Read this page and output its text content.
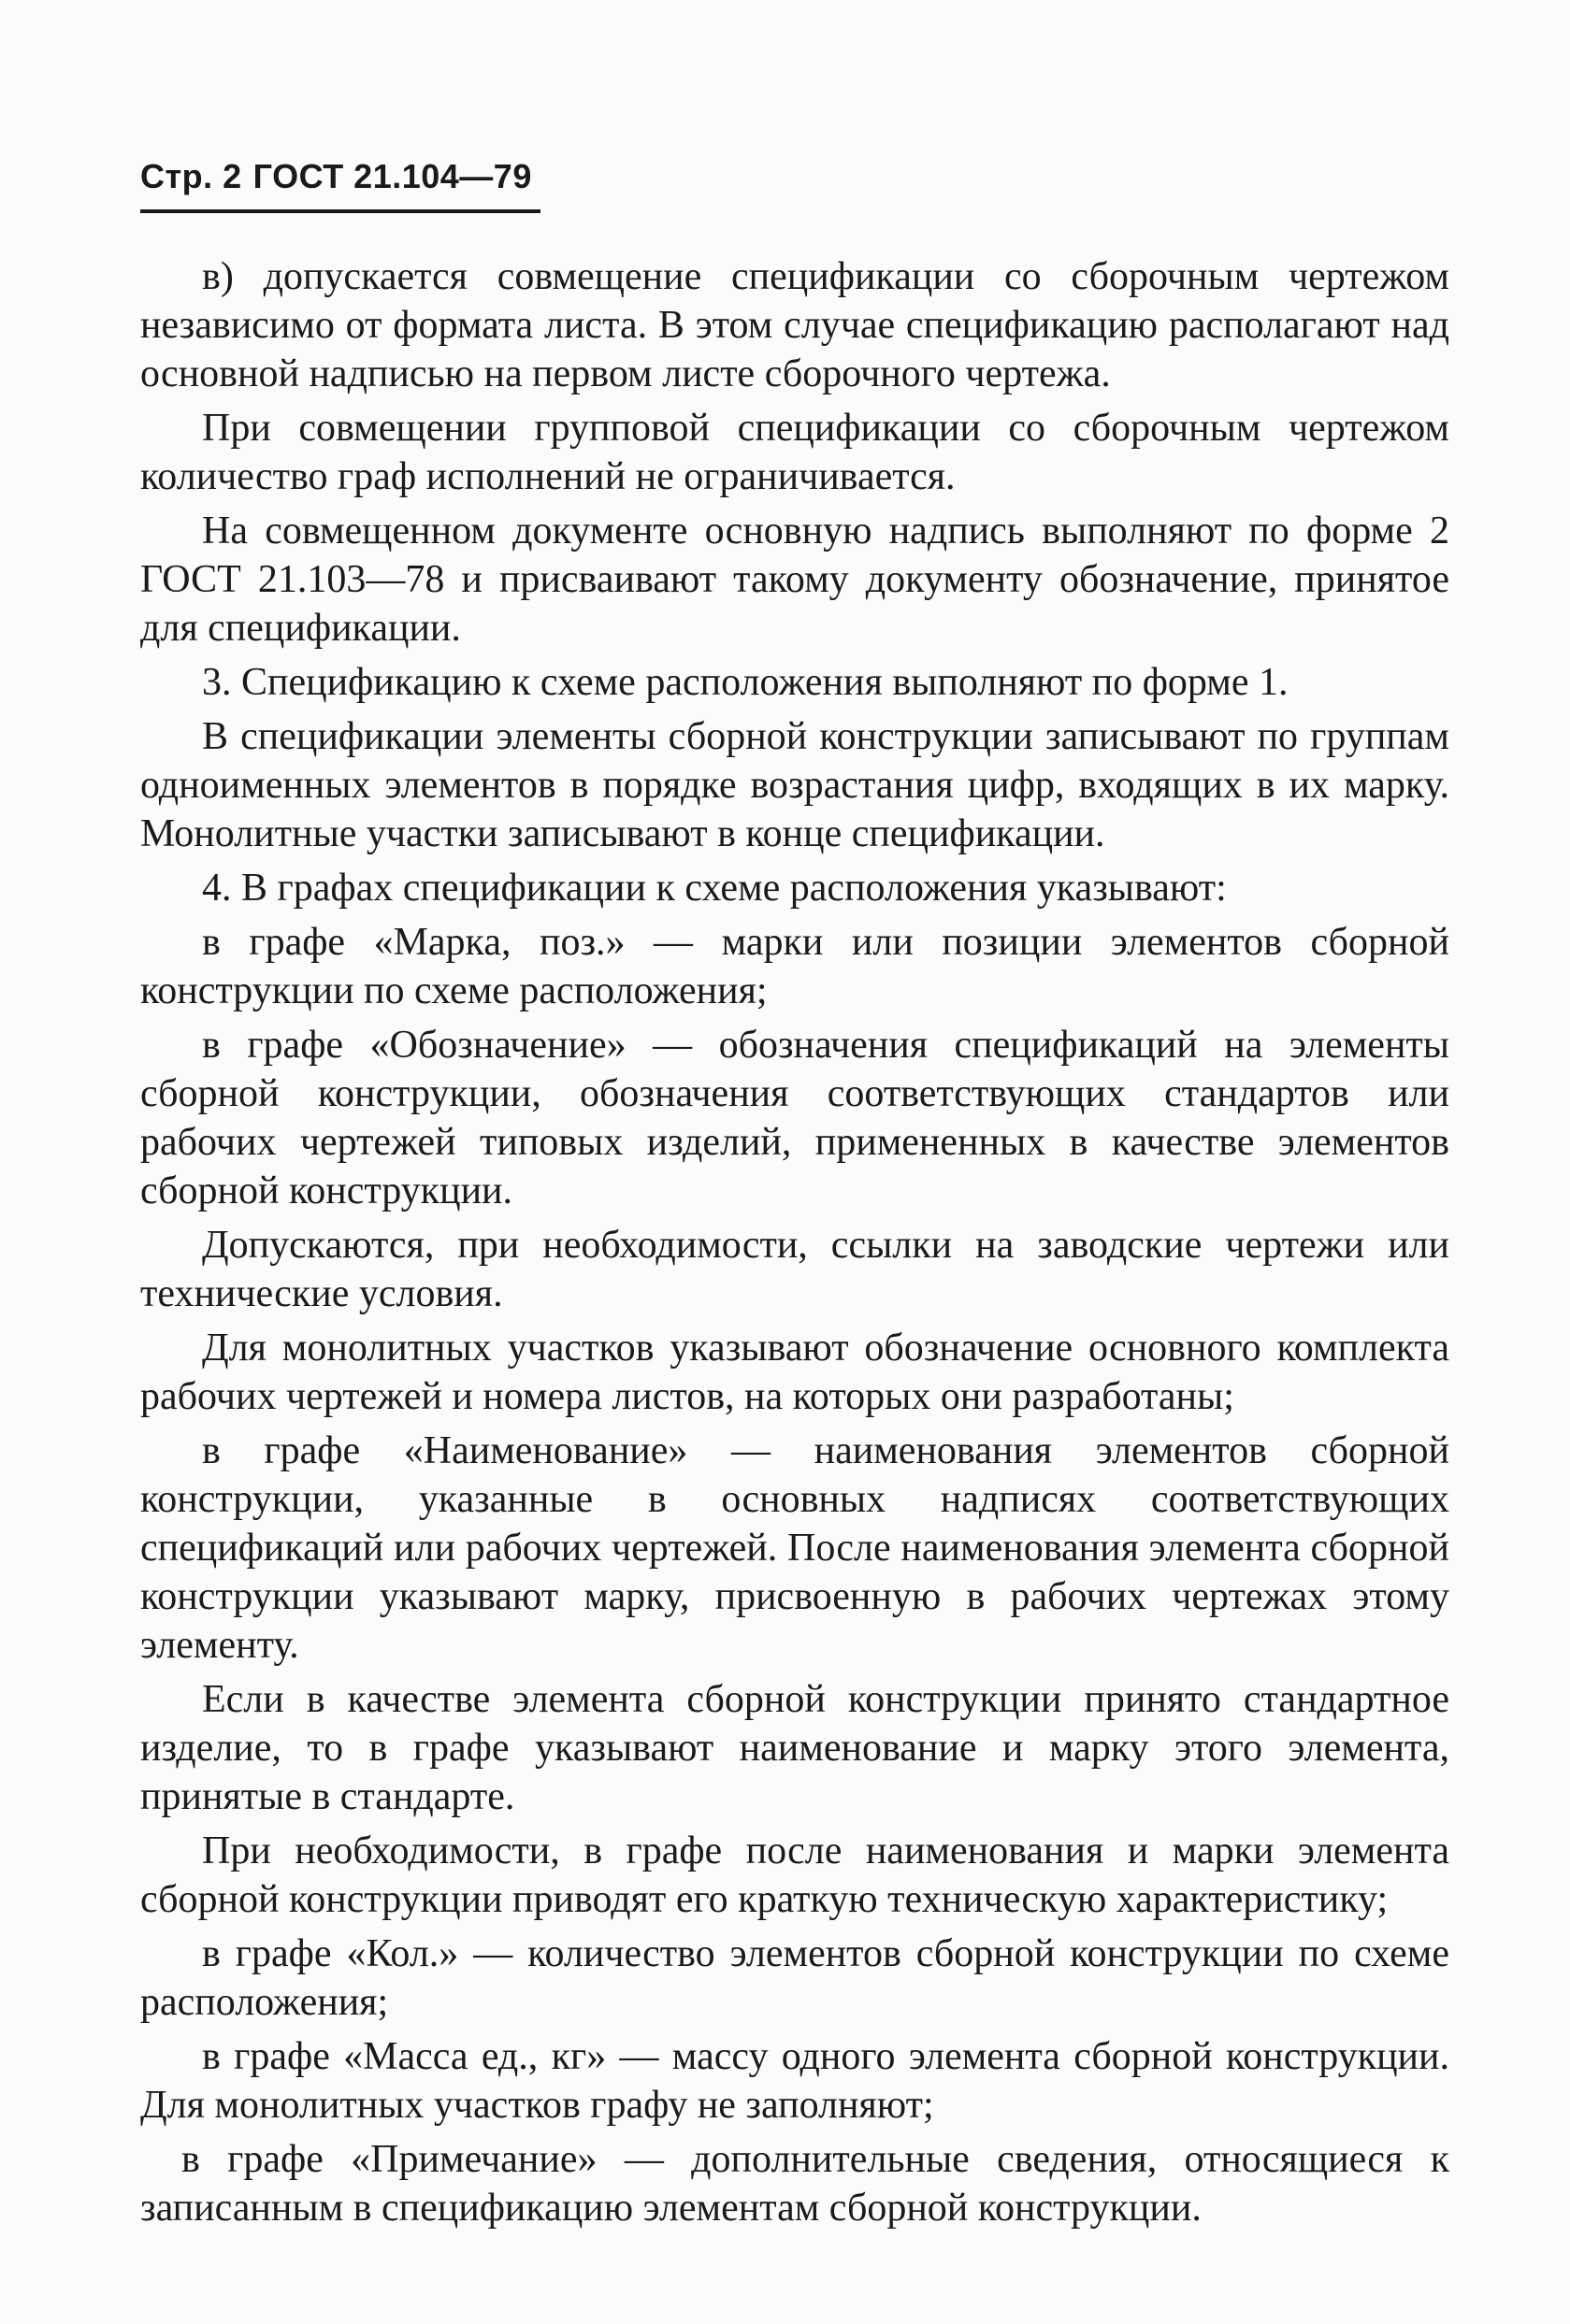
Стр. 2 ГОСТ 21.104—79

в) допускается совмещение спецификации со сборочным чертежом независимо от формата листа. В этом случае спецификацию располагают над основной надписью на первом листе сборочного чертежа.

При совмещении групповой спецификации со сборочным чертежом количество граф исполнений не ограничивается.

На совмещенном документе основную надпись выполняют по форме 2 ГОСТ 21.103—78 и присваивают такому документу обозначение, принятое для спецификации.

3. Спецификацию к схеме расположения выполняют по форме 1.

В спецификации элементы сборной конструкции записывают по группам одноименных элементов в порядке возрастания цифр, входящих в их марку. Монолитные участки записывают в конце спецификации.

4. В графах спецификации к схеме расположения указывают:

в графе «Марка, поз.» — марки или позиции элементов сборной конструкции по схеме расположения;

в графе «Обозначение» — обозначения спецификаций на элементы сборной конструкции, обозначения соответствующих стандартов или рабочих чертежей типовых изделий, примененных в качестве элементов сборной конструкции.

Допускаются, при необходимости, ссылки на заводские чертежи или технические условия.

Для монолитных участков указывают обозначение основного комплекта рабочих чертежей и номера листов, на которых они разработаны;

в графе «Наименование» — наименования элементов сборной конструкции, указанные в основных надписях соответствующих спецификаций или рабочих чертежей. После наименования элемента сборной конструкции указывают марку, присвоенную в рабочих чертежах этому элементу.

Если в качестве элемента сборной конструкции принято стандартное изделие, то в графе указывают наименование и марку этого элемента, принятые в стандарте.

При необходимости, в графе после наименования и марки элемента сборной конструкции приводят его краткую техническую характеристику;

в графе «Кол.» — количество элементов сборной конструкции по схеме расположения;

в графе «Масса ед., кг» — массу одного элемента сборной конструкции. Для монолитных участков графу не заполняют;

в графе «Примечание» — дополнительные сведения, относящиеся к записанным в спецификацию элементам сборной конструкции.
